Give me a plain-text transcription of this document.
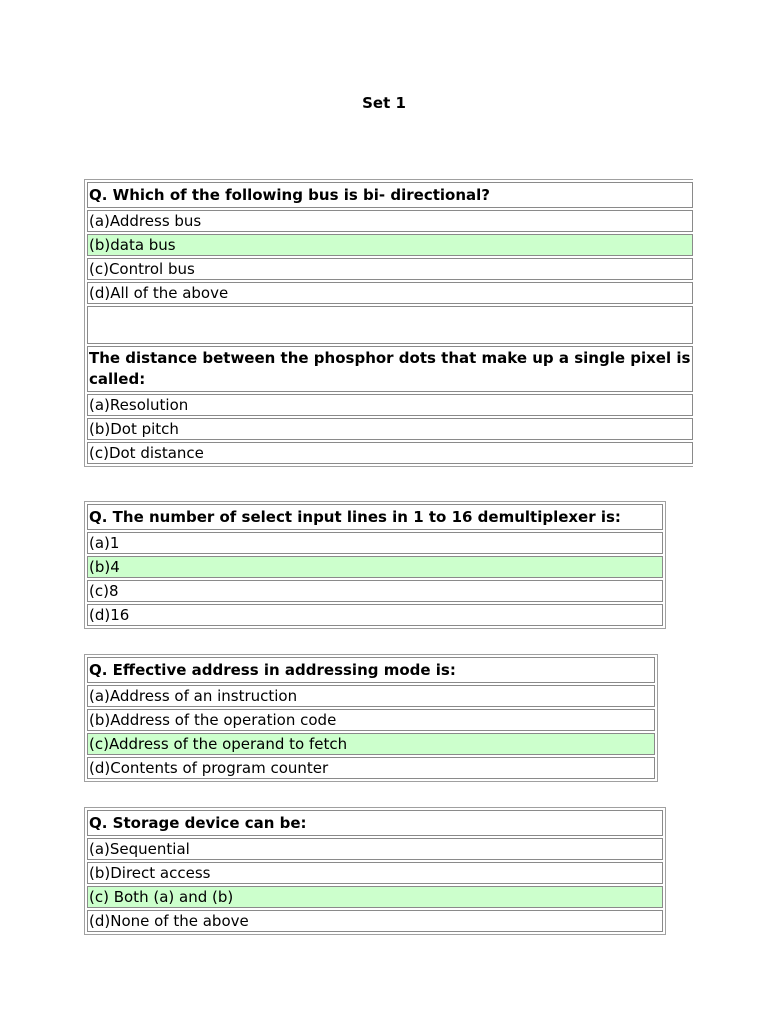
Set 1
Q. Which of the following bus is bi- directional?
(a)Address bus
(b)data bus
(c)Control bus
(d)All of the above

The distance between the phosphor dots that make up a single pixel is called:
(a)Resolution
(b)Dot pitch
(c)Dot distance
Q. The number of select input lines in 1 to 16 demultiplexer is:
(a)1
(b)4
(c)8
(d)16
Q. Effective address in addressing mode is:
(a)Address of an instruction
(b)Address of the operation code
(c)Address of the operand to fetch
(d)Contents of program counter
Q. Storage device can be:
(a)Sequential
(b)Direct access
(c) Both (a) and (b)
(d)None of the above
